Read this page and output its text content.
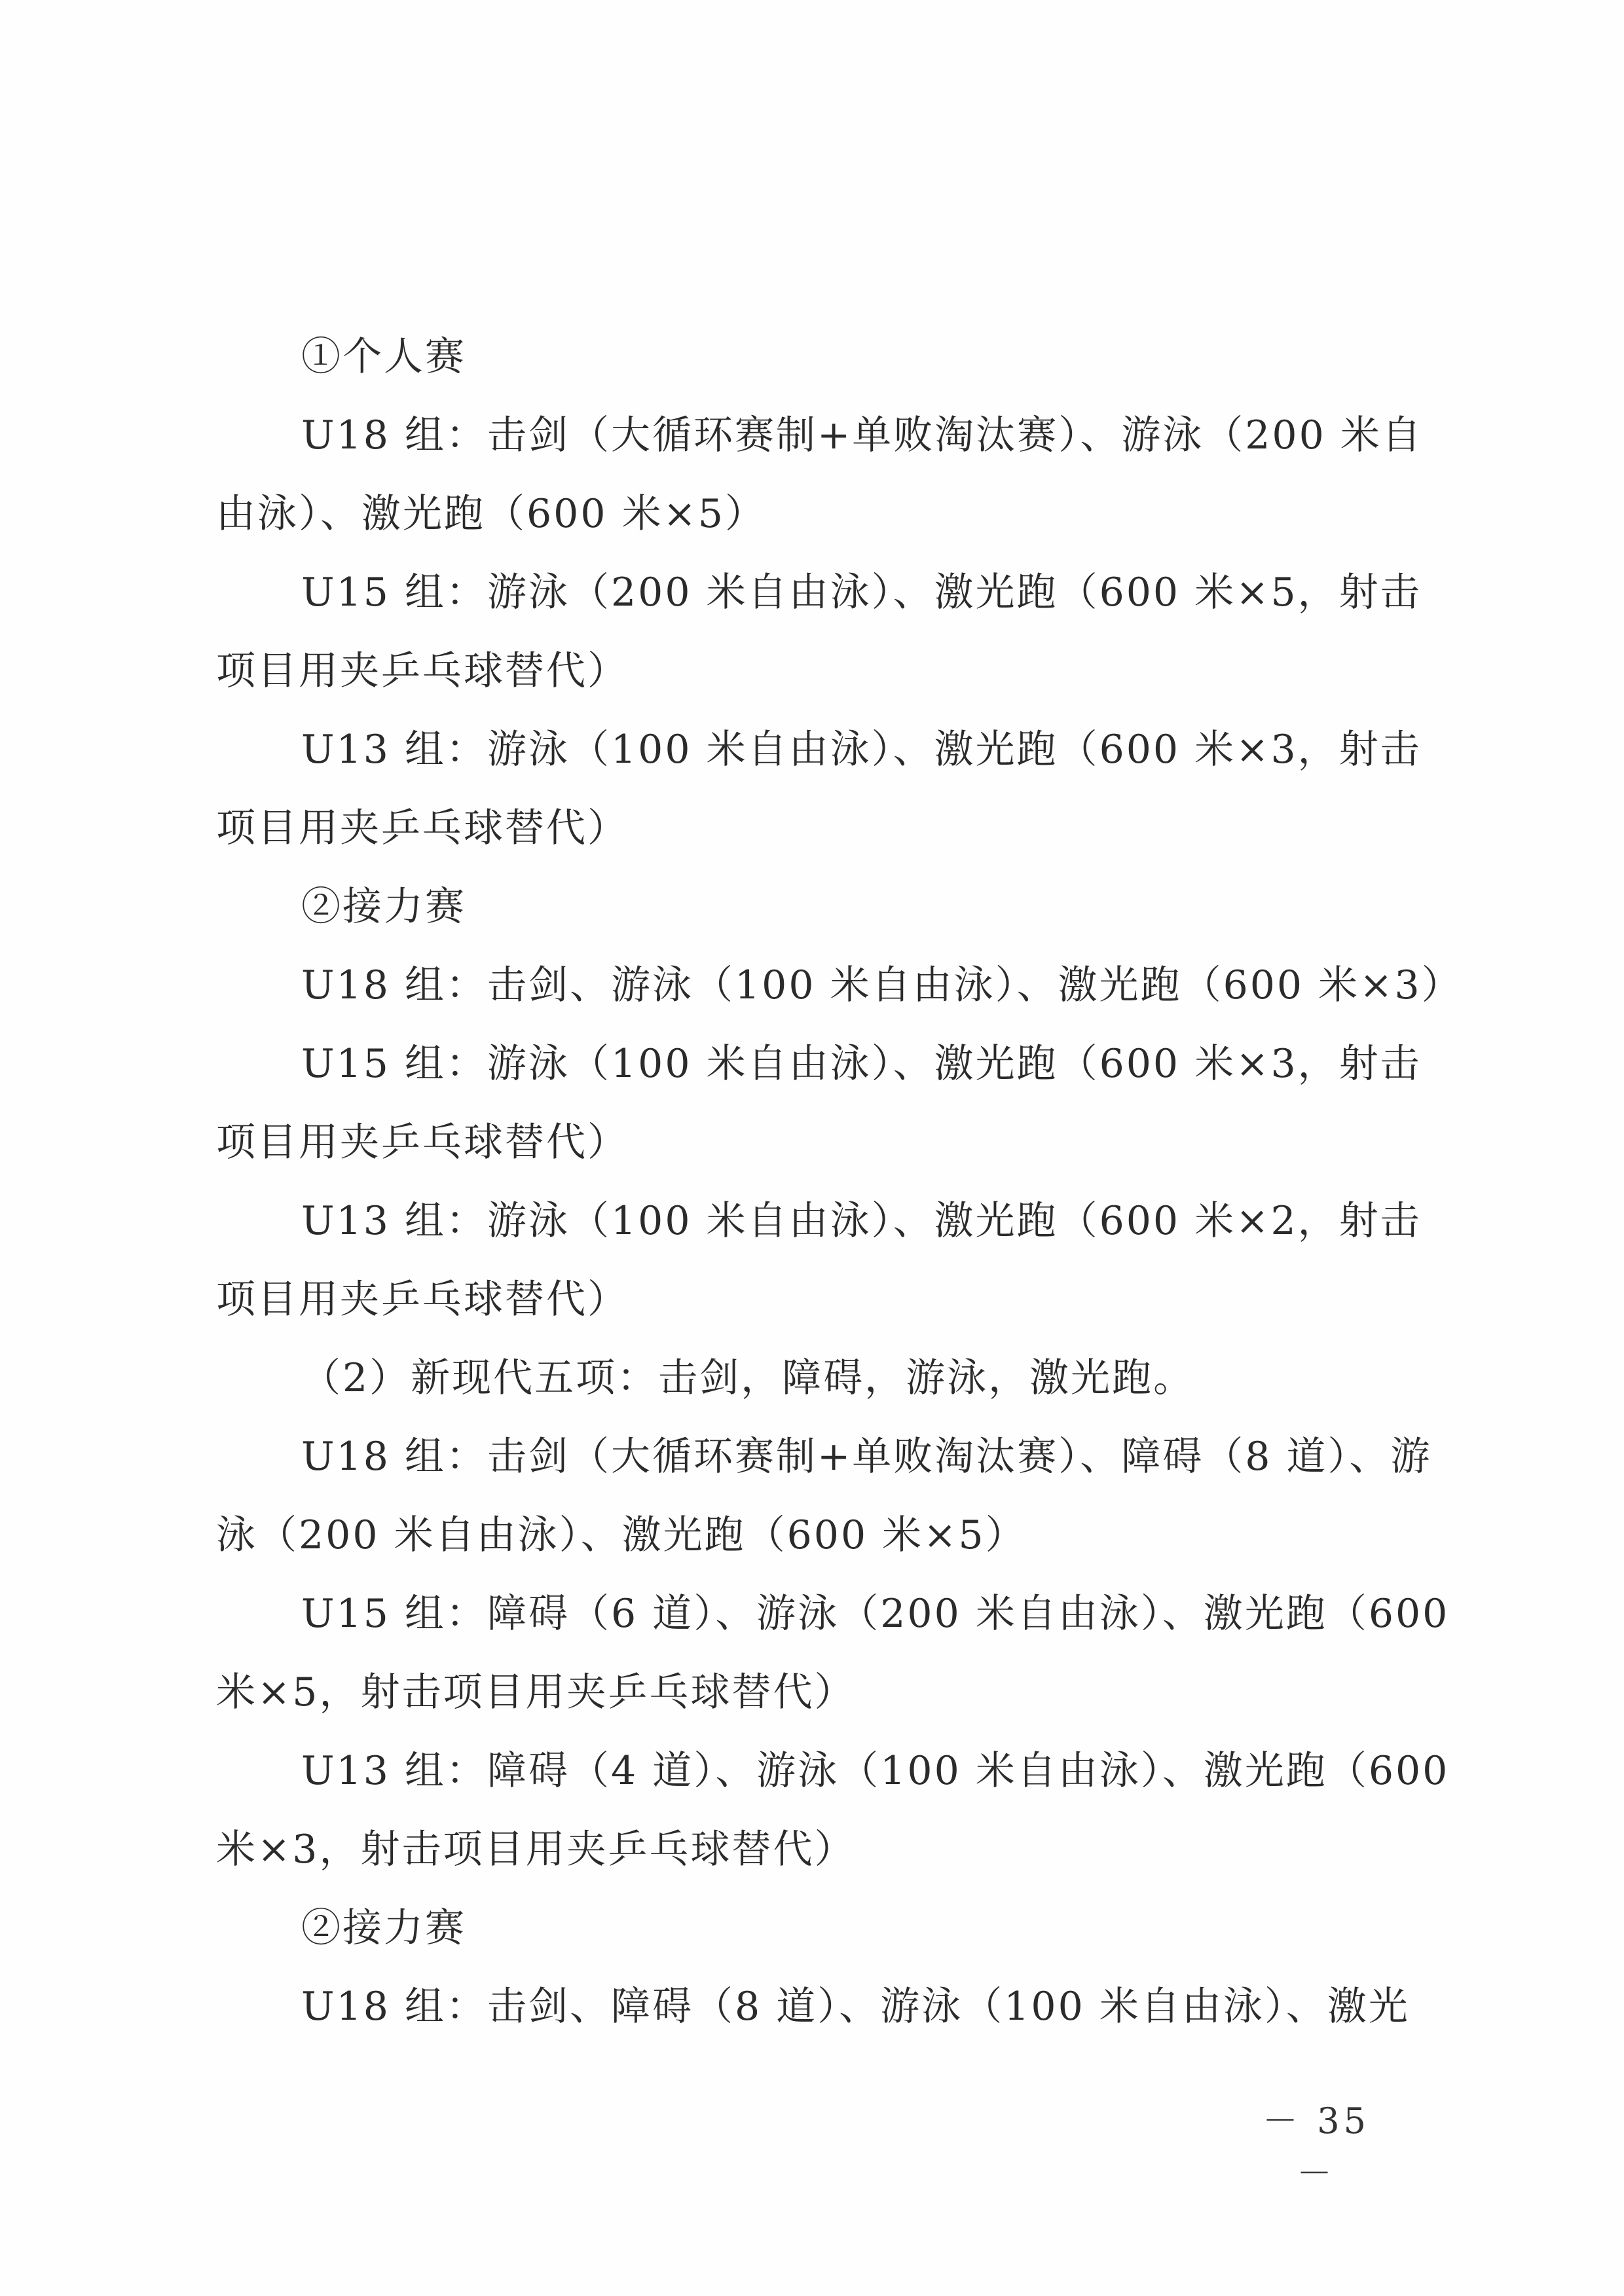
①个人赛

U18 组：击剑（大循环赛制+单败淘汰赛）、游泳（200 米自

由泳）、激光跑（600 米×5）

U15 组：游泳（200 米自由泳）、激光跑（600 米×5，射击

项目用夹乒乓球替代）

U13 组：游泳（100 米自由泳）、激光跑（600 米×3，射击

项目用夹乒乓球替代）

②接力赛

U18 组：击剑、游泳（100 米自由泳）、激光跑（600 米×3）

U15 组：游泳（100 米自由泳）、激光跑（600 米×3，射击

项目用夹乒乓球替代）

U13 组：游泳（100 米自由泳）、激光跑（600 米×2，射击

项目用夹乒乓球替代）

（2）新现代五项：击剑，障碍，游泳，激光跑。

U18 组：击剑（大循环赛制+单败淘汰赛）、障碍（8 道）、游

泳（200 米自由泳）、激光跑（600 米×5）

U15 组：障碍（6 道）、游泳（200 米自由泳）、激光跑（600

米×5，射击项目用夹乒乓球替代）

U13 组：障碍（4 道）、游泳（100 米自由泳）、激光跑（600

米×3，射击项目用夹乒乓球替代）

②接力赛

U18 组：击剑、障碍（8 道）、游泳（100 米自由泳）、激光

－ 35 －
